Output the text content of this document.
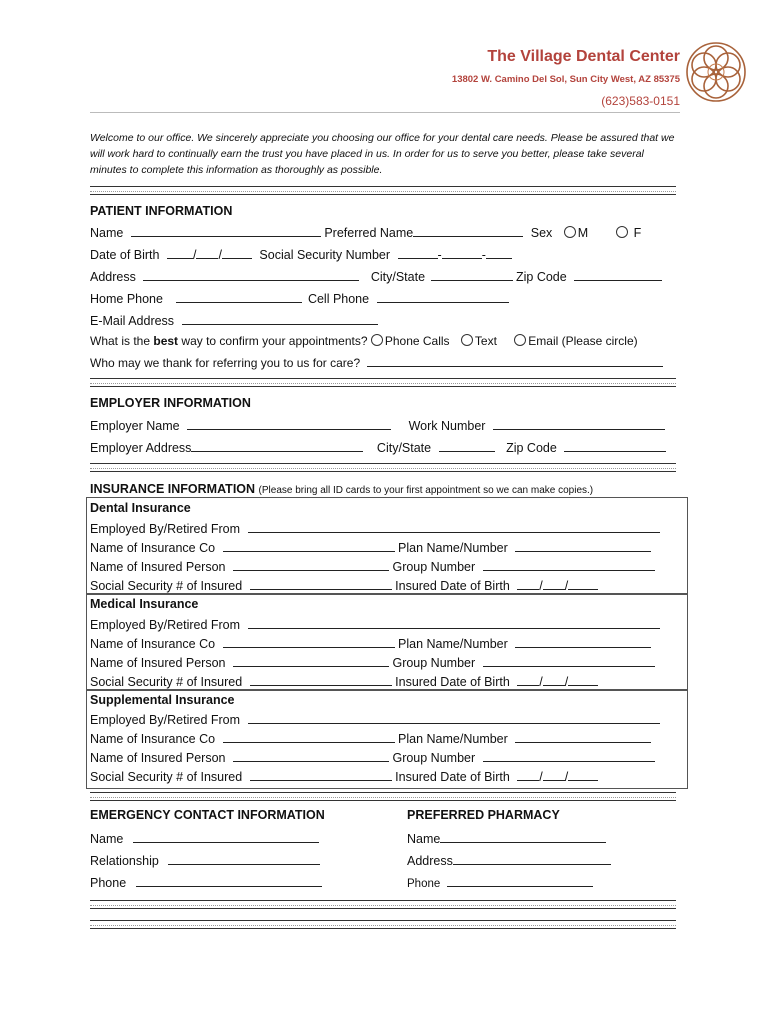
The Village Dental Center
13802 W. Camino Del Sol, Sun City West, AZ 85375
(623)583-0151
Welcome to our office. We sincerely appreciate you choosing our office for your dental care needs. Please be assured that we will work hard to continually earn the trust you have placed in us. In order for us to serve you better, please take several minutes to complete this information as thoroughly as possible.
PATIENT INFORMATION
Name	Preferred Name	Sex M	F
Date of Birth	/ /	Social Security Number	-	-
Address	City/State	Zip Code
Home Phone	Cell Phone
E-Mail Address
What is the best way to confirm your appointments? Phone Calls Text	Email (Please circle)
Who may we thank for referring you to us for care?
EMPLOYER INFORMATION
Employer Name	Work Number
Employer Address	City/State	Zip Code
INSURANCE INFORMATION (Please bring all ID cards to your first appointment so we can make copies.)
Dental Insurance
Employed By/Retired From
Name of Insurance Co	Plan Name/Number
Name of Insured Person	Group Number
Social Security # of Insured	Insured Date of Birth / /
Medical Insurance
Employed By/Retired From
Name of Insurance Co	Plan Name/Number
Name of Insured Person	Group Number
Social Security # of Insured	Insured Date of Birth / /
Supplemental Insurance
Employed By/Retired From
Name of Insurance Co	Plan Name/Number
Name of Insured Person	Group Number
Social Security # of Insured	Insured Date of Birth / /
EMERGENCY CONTACT INFORMATION
Name
Relationship
Phone
PREFERRED PHARMACY
Name
Address
Phone
